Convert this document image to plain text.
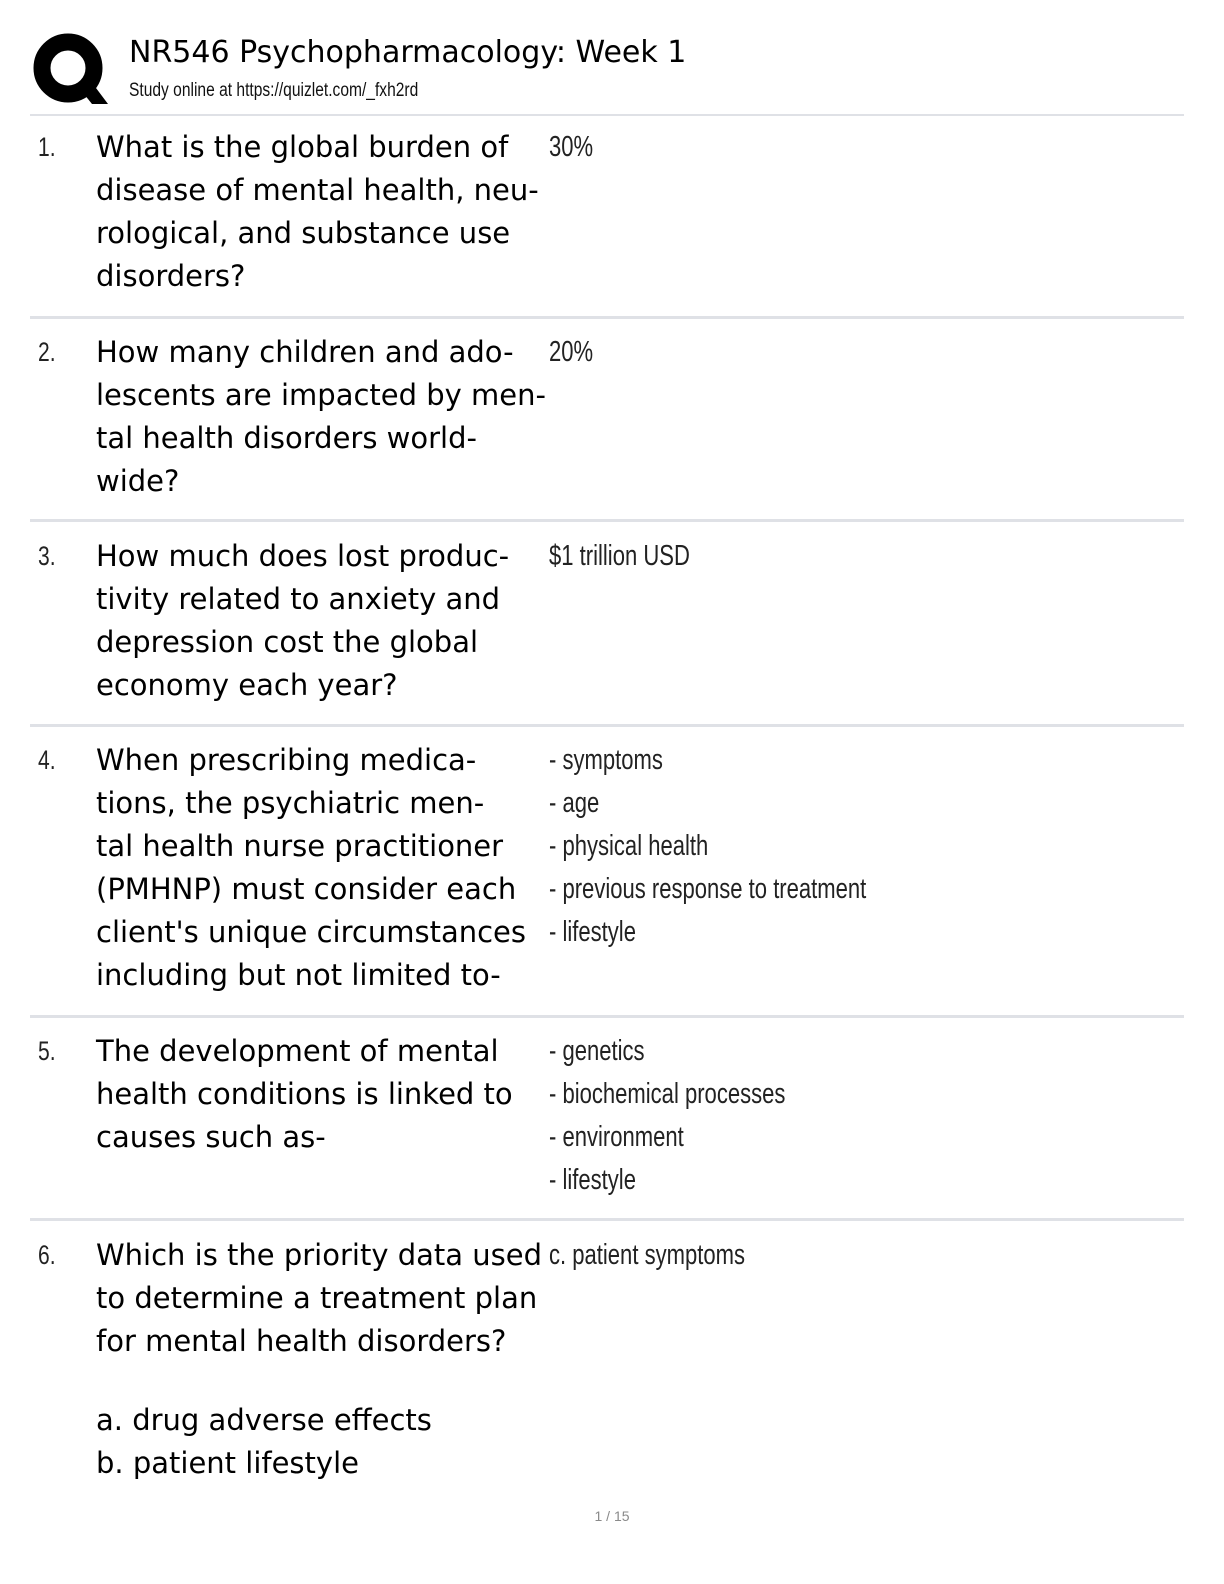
NR546 Psychopharmacology: Week 1
Study online at https://quizlet.com/_fxh2rd
1. What is the global burden of
disease of mental health, neu-
rological, and substance use
disorders?
30%
2. How many children and ado-
lescents are impacted by men-
tal health disorders world-
wide?
20%
3. How much does lost produc-
tivity related to anxiety and
depression cost the global
economy each year?
$1 trillion USD
4. When prescribing medica-
tions, the psychiatric men-
tal health nurse practitioner
(PMHNP) must consider each
client's unique circumstances
including but not limited to-
- symptoms
- age
- physical health
- previous response to treatment
- lifestyle
5. The development of mental
health conditions is linked to
causes such as-
- genetics
- biochemical processes
- environment
- lifestyle
6. Which is the priority data used
to determine a treatment plan
for mental health disorders?
a. drug adverse effects
b. patient lifestyle
c. patient symptoms
1 / 15
